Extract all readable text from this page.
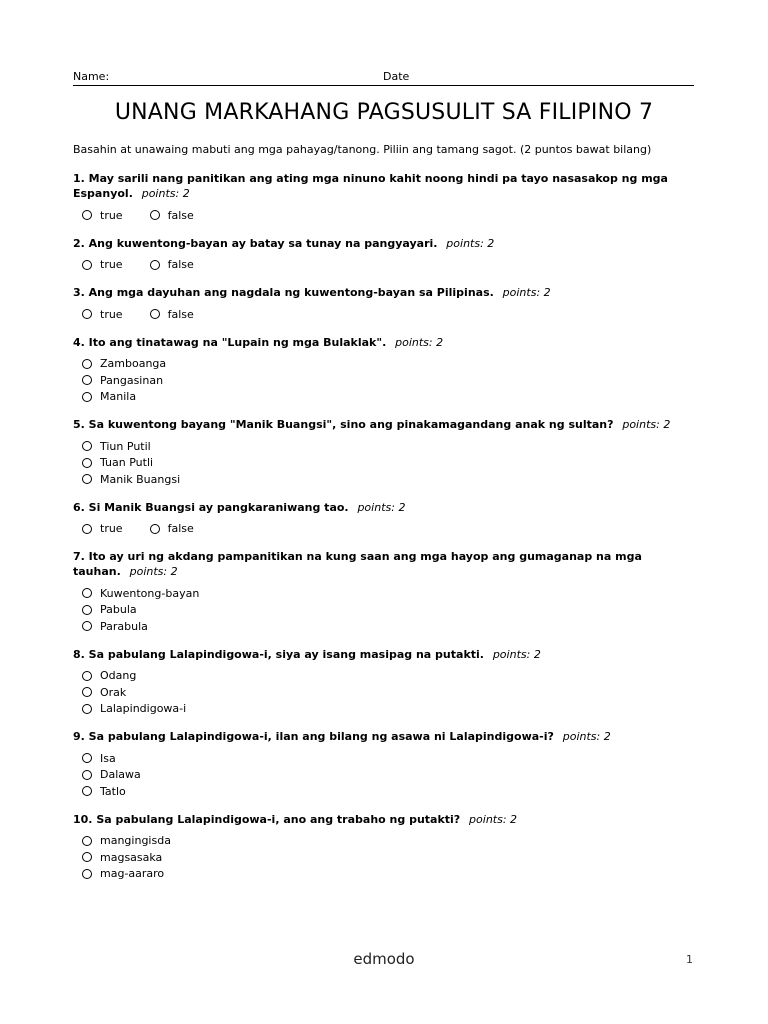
Name:	Date
UNANG MARKAHANG PAGSUSULIT SA FILIPINO 7
Basahin at unawaing mabuti ang mga pahayag/tanong. Piliin ang tamang sagot. (2 puntos bawat bilang)
1. May sarili nang panitikan ang ating mga ninuno kahit noong hindi pa tayo nasasakop ng mga Espanyol. points: 2
true	false
2. Ang kuwentong-bayan ay batay sa tunay na pangyayari. points: 2
true	false
3. Ang mga dayuhan ang nagdala ng kuwentong-bayan sa Pilipinas. points: 2
true	false
4. Ito ang tinatawag na "Lupain ng mga Bulaklak". points: 2
Zamboanga
Pangasinan
Manila
5. Sa kuwentong bayang "Manik Buangsi", sino ang pinakamagandang anak ng sultan? points: 2
Tiun Putil
Tuan Putli
Manik Buangsi
6. Si Manik Buangsi ay pangkaraniwang tao. points: 2
true	false
7. Ito ay uri ng akdang pampanitikan na kung saan ang mga hayop ang gumaganap na mga tauhan. points: 2
Kuwentong-bayan
Pabula
Parabula
8. Sa pabulang Lalapindigowa-i, siya ay isang masipag na putakti. points: 2
Odang
Orak
Lalapindigowa-i
9. Sa pabulang Lalapindigowa-i, ilan ang bilang ng asawa ni Lalapindigowa-i? points: 2
Isa
Dalawa
Tatlo
10. Sa pabulang Lalapindigowa-i, ano ang trabaho ng putakti? points: 2
mangingisda
magsasaka
mag-aararo
edmodo	1
